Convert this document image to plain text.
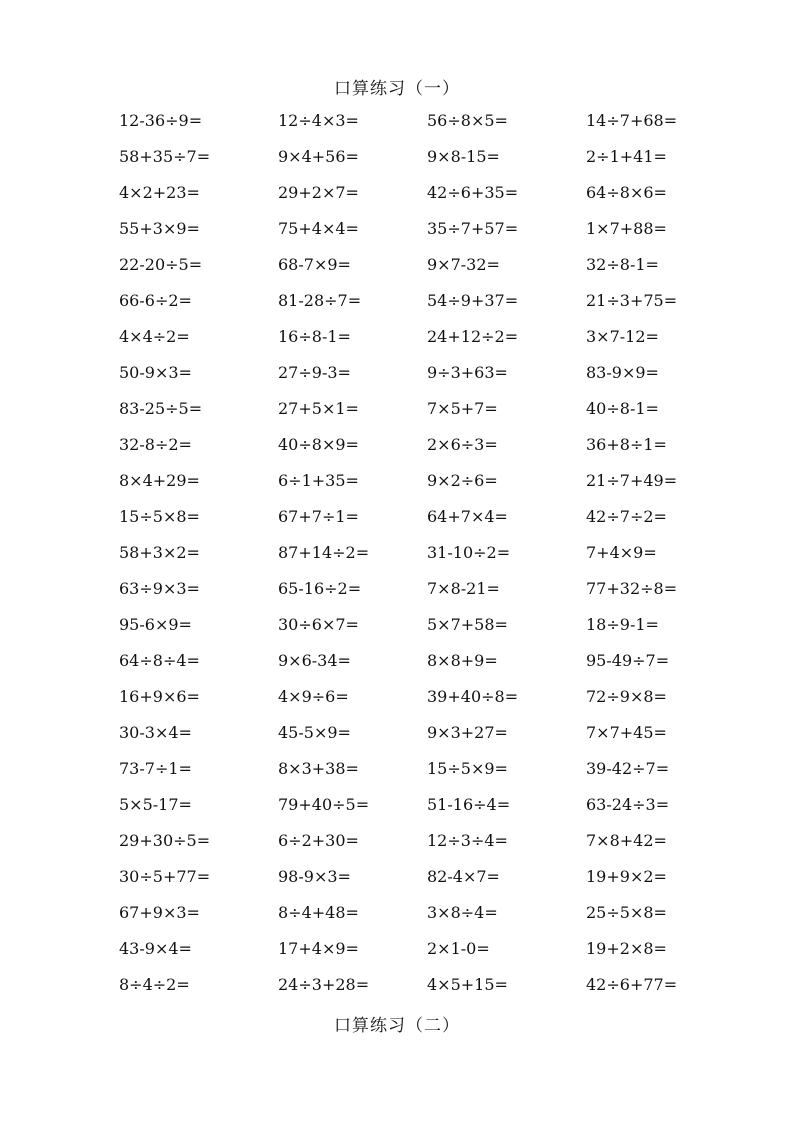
口算练习（一）
12-36÷9=	12÷4×3=	56÷8×5=	14÷7+68=
58+35÷7=	9×4+56=	9×8-15=	2÷1+41=
4×2+23=	29+2×7=	42÷6+35=	64÷8×6=
55+3×9=	75+4×4=	35÷7+57=	1×7+88=
22-20÷5=	68-7×9=	9×7-32=	32÷8-1=
66-6÷2=	81-28÷7=	54÷9+37=	21÷3+75=
4×4÷2=	16÷8-1=	24+12÷2=	3×7-12=
50-9×3=	27÷9-3=	9÷3+63=	83-9×9=
83-25÷5=	27+5×1=	7×5+7=	40÷8-1=
32-8÷2=	40÷8×9=	2×6÷3=	36+8÷1=
8×4+29=	6÷1+35=	9×2÷6=	21÷7+49=
15÷5×8=	67+7÷1=	64+7×4=	42÷7÷2=
58+3×2=	87+14÷2=	31-10÷2=	7+4×9=
63÷9×3=	65-16÷2=	7×8-21=	77+32÷8=
95-6×9=	30÷6×7=	5×7+58=	18÷9-1=
64÷8÷4=	9×6-34=	8×8+9=	95-49÷7=
16+9×6=	4×9÷6=	39+40÷8=	72÷9×8=
30-3×4=	45-5×9=	9×3+27=	7×7+45=
73-7÷1=	8×3+38=	15÷5×9=	39-42÷7=
5×5-17=	79+40÷5=	51-16÷4=	63-24÷3=
29+30÷5=	6÷2+30=	12÷3÷4=	7×8+42=
30÷5+77=	98-9×3=	82-4×7=	19+9×2=
67+9×3=	8÷4+48=	3×8÷4=	25÷5×8=
43-9×4=	17+4×9=	2×1-0=	19+2×8=
8÷4÷2=	24÷3+28=	4×5+15=	42÷6+77=
口算练习（二）
